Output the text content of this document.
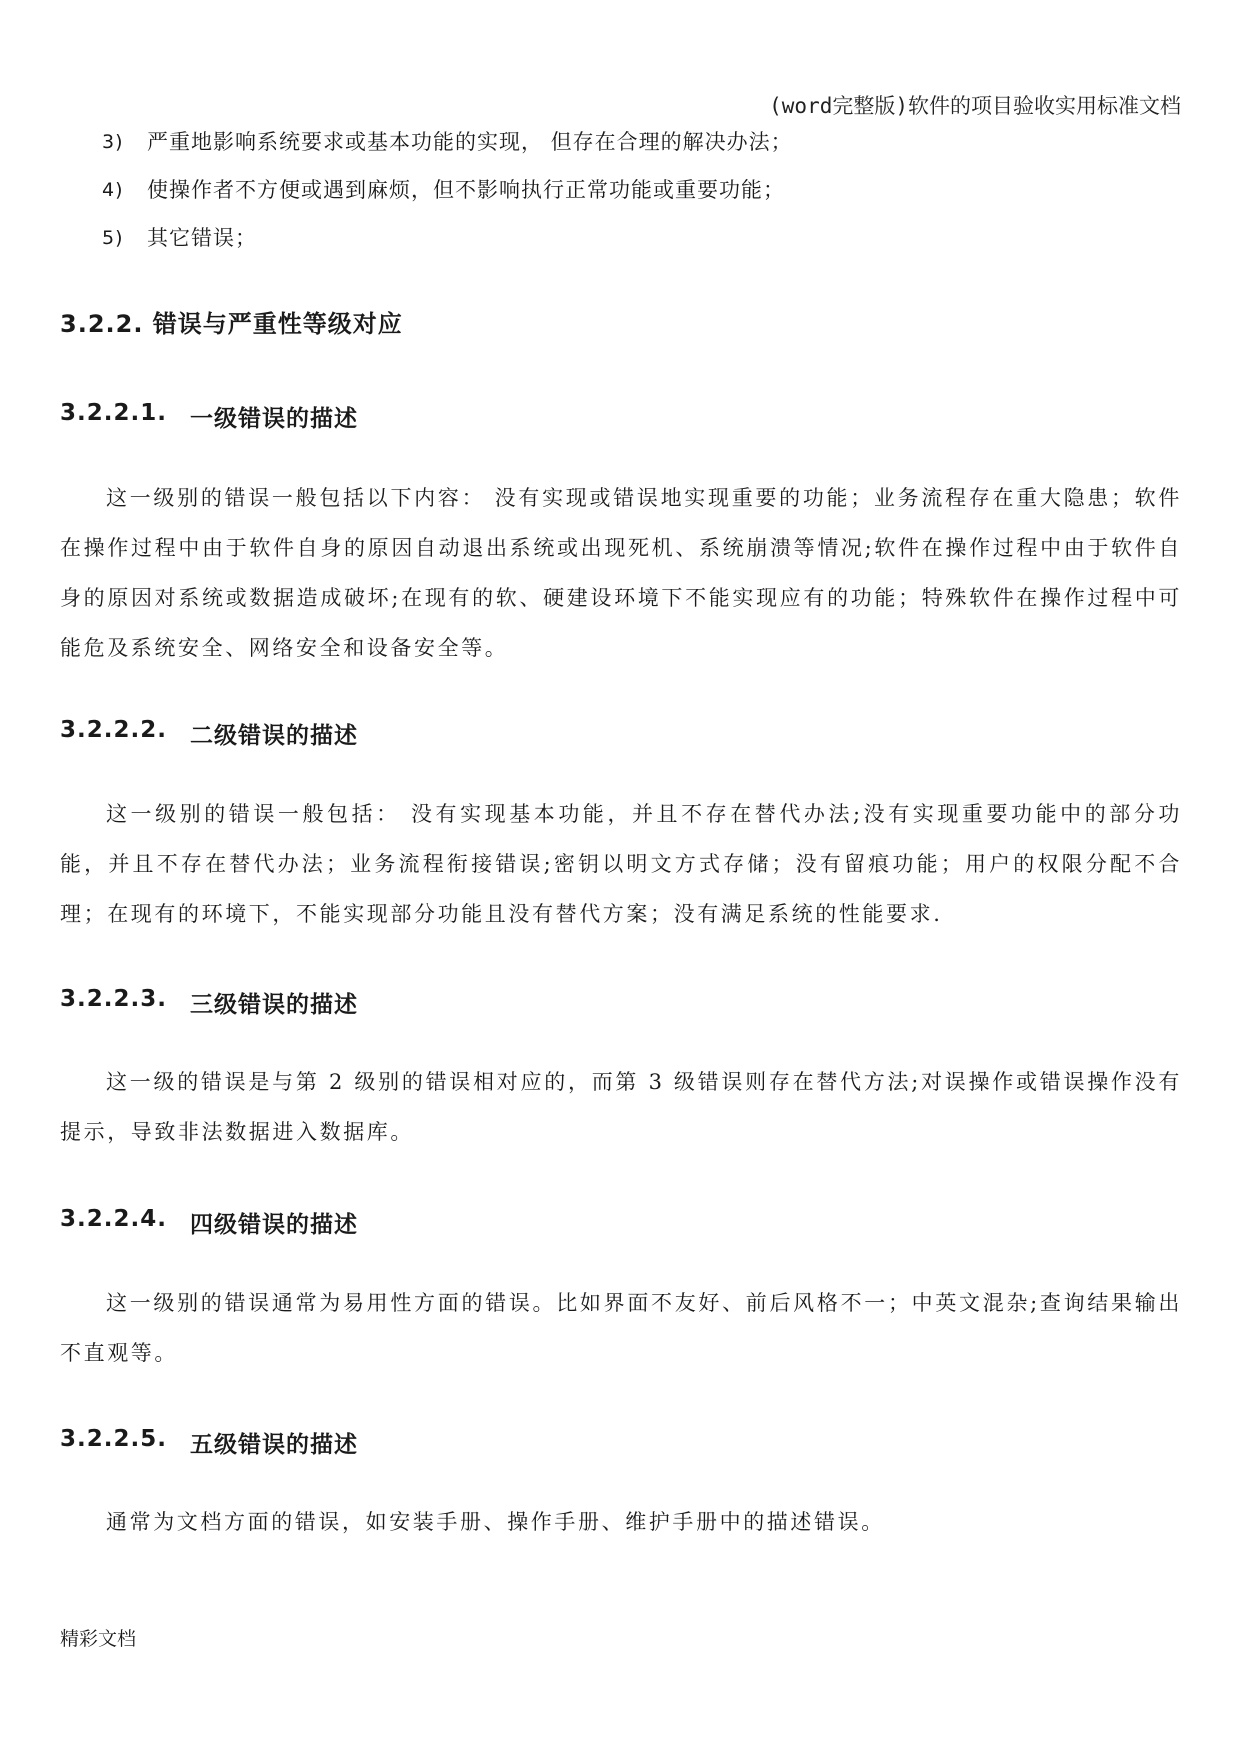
(word完整版)软件的项目验收实用标准文档
3)	严重地影响系统要求或基本功能的实现， 但存在合理的解决办法；
4)	使操作者不方便或遇到麻烦，但不影响执行正常功能或重要功能；
5)	其它错误；
3.2.2. 错误与严重性等级对应
3.2.2.1.	一级错误的描述
这一级别的错误一般包括以下内容： 没有实现或错误地实现重要的功能；业务流程存在重大隐患；软件在操作过程中由于软件自身的原因自动退出系统或出现死机、系统崩溃等情况;软件在操作过程中由于软件自身的原因对系统或数据造成破坏;在现有的软、硬建设环境下不能实现应有的功能；特殊软件在操作过程中可能危及系统安全、网络安全和设备安全等。
3.2.2.2.	二级错误的描述
这一级别的错误一般包括： 没有实现基本功能，并且不存在替代办法;没有实现重要功能中的部分功能，并且不存在替代办法；业务流程衔接错误;密钥以明文方式存储；没有留痕功能；用户的权限分配不合理；在现有的环境下，不能实现部分功能且没有替代方案；没有满足系统的性能要求.
3.2.2.3.	三级错误的描述
这一级的错误是与第 2 级别的错误相对应的，而第 3 级错误则存在替代方法;对误操作或错误操作没有提示，导致非法数据进入数据库。
3.2.2.4.	四级错误的描述
这一级别的错误通常为易用性方面的错误。比如界面不友好、前后风格不一；中英文混杂;查询结果输出不直观等。
3.2.2.5.	五级错误的描述
通常为文档方面的错误，如安装手册、操作手册、维护手册中的描述错误。
精彩文档
